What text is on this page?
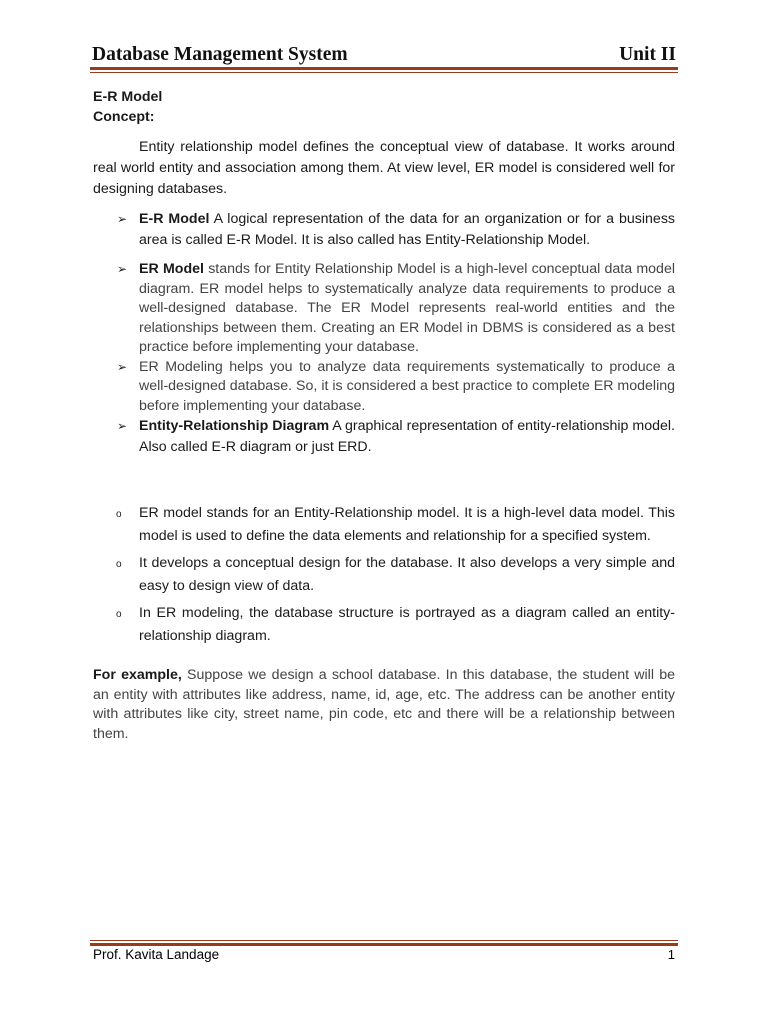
Database Management System	Unit II

E-R Model

Concept:

Entity relationship model defines the conceptual view of database. It works around real world entity and association among them. At view level, ER model is considered well for designing databases.

➢ E-R Model A logical representation of the data for an organization or for a business area is called E-R Model. It is also called has Entity-Relationship Model.
➢ ER Model stands for Entity Relationship Model is a high-level conceptual data model diagram. ER model helps to systematically analyze data requirements to produce a well-designed database. The ER Model represents real-world entities and the relationships between them. Creating an ER Model in DBMS is considered as a best practice before implementing your database.
➢ ER Modeling helps you to analyze data requirements systematically to produce a well-designed database. So, it is considered a best practice to complete ER modeling before implementing your database.
➢ Entity-Relationship Diagram A graphical representation of entity-relationship model. Also called E-R diagram or just ERD.
o ER model stands for an Entity-Relationship model. It is a high-level data model. This model is used to define the data elements and relationship for a specified system.
o It develops a conceptual design for the database. It also develops a very simple and easy to design view of data.
o In ER modeling, the database structure is portrayed as a diagram called an entity-relationship diagram.

For example, Suppose we design a school database. In this database, the student will be an entity with attributes like address, name, id, age, etc. The address can be another entity with attributes like city, street name, pin code, etc and there will be a relationship between them.

Prof. Kavita Landage	1
